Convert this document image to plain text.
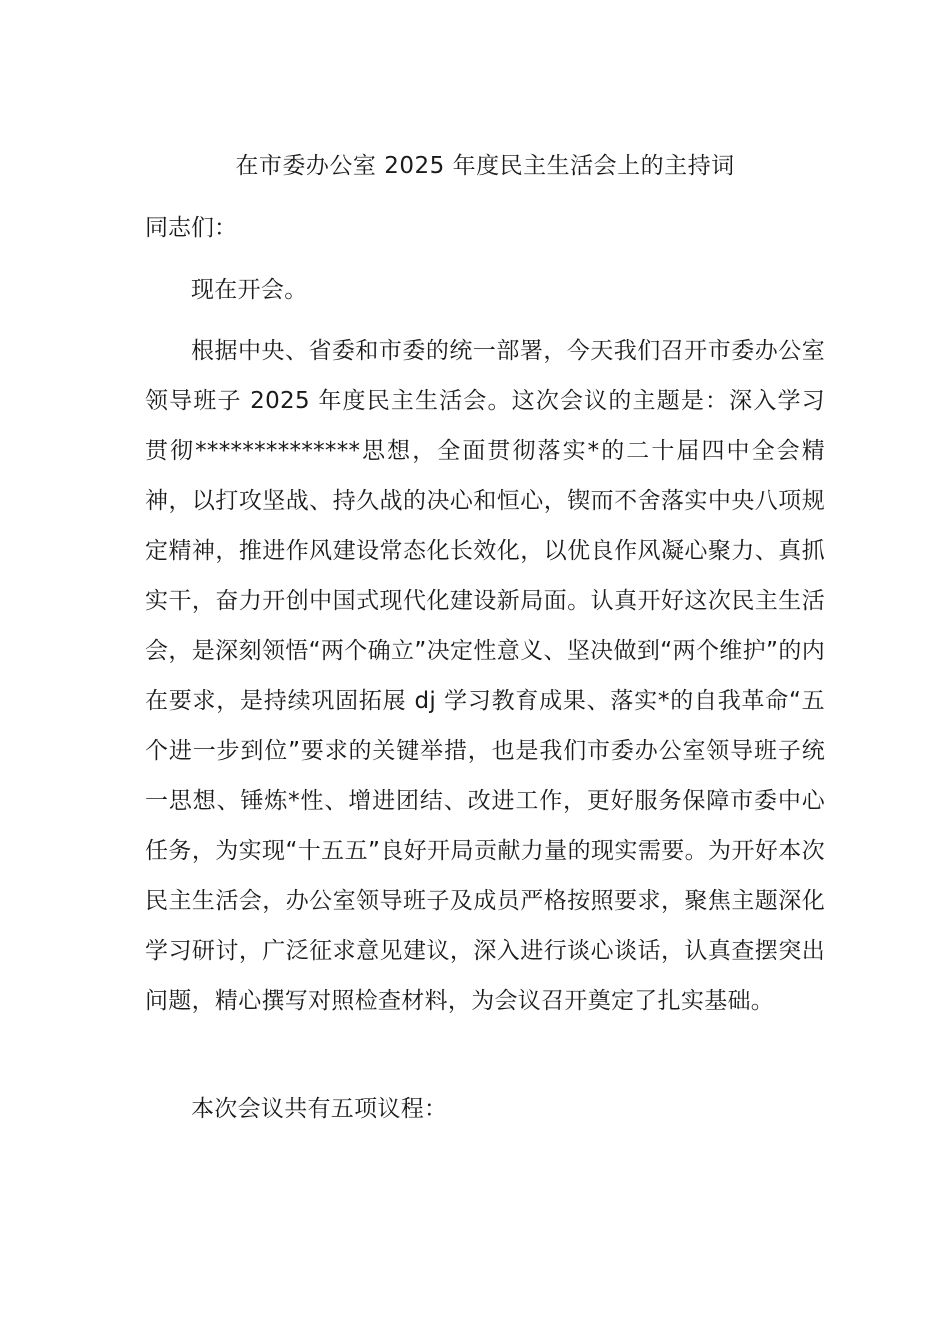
在市委办公室 2025 年度民主生活会上的主持词

同志们：

现在开会。

根据中央、省委和市委的统一部署，今天我们召开市委办公室领导班子 2025 年度民主生活会。这次会议的主题是：深入学习贯彻**************思想，全面贯彻落实*的二十届四中全会精神，以打攻坚战、持久战的决心和恒心，锲而不舍落实中央八项规定精神，推进作风建设常态化长效化，以优良作风凝心聚力、真抓实干，奋力开创中国式现代化建设新局面。认真开好这次民主生活会，是深刻领悟“两个确立”决定性意义、坚决做到“两个维护”的内在要求，是持续巩固拓展 dj 学习教育成果、落实*的自我革命“五个进一步到位”要求的关键举措，也是我们市委办公室领导班子统一思想、锤炼*性、增进团结、改进工作，更好服务保障市委中心任务，为实现“十五五”良好开局贡献力量的现实需要。为开好本次民主生活会，办公室领导班子及成员严格按照要求，聚焦主题深化学习研讨，广泛征求意见建议，深入进行谈心谈话，认真查摆突出问题，精心撰写对照检查材料，为会议召开奠定了扎实基础。

本次会议共有五项议程：
